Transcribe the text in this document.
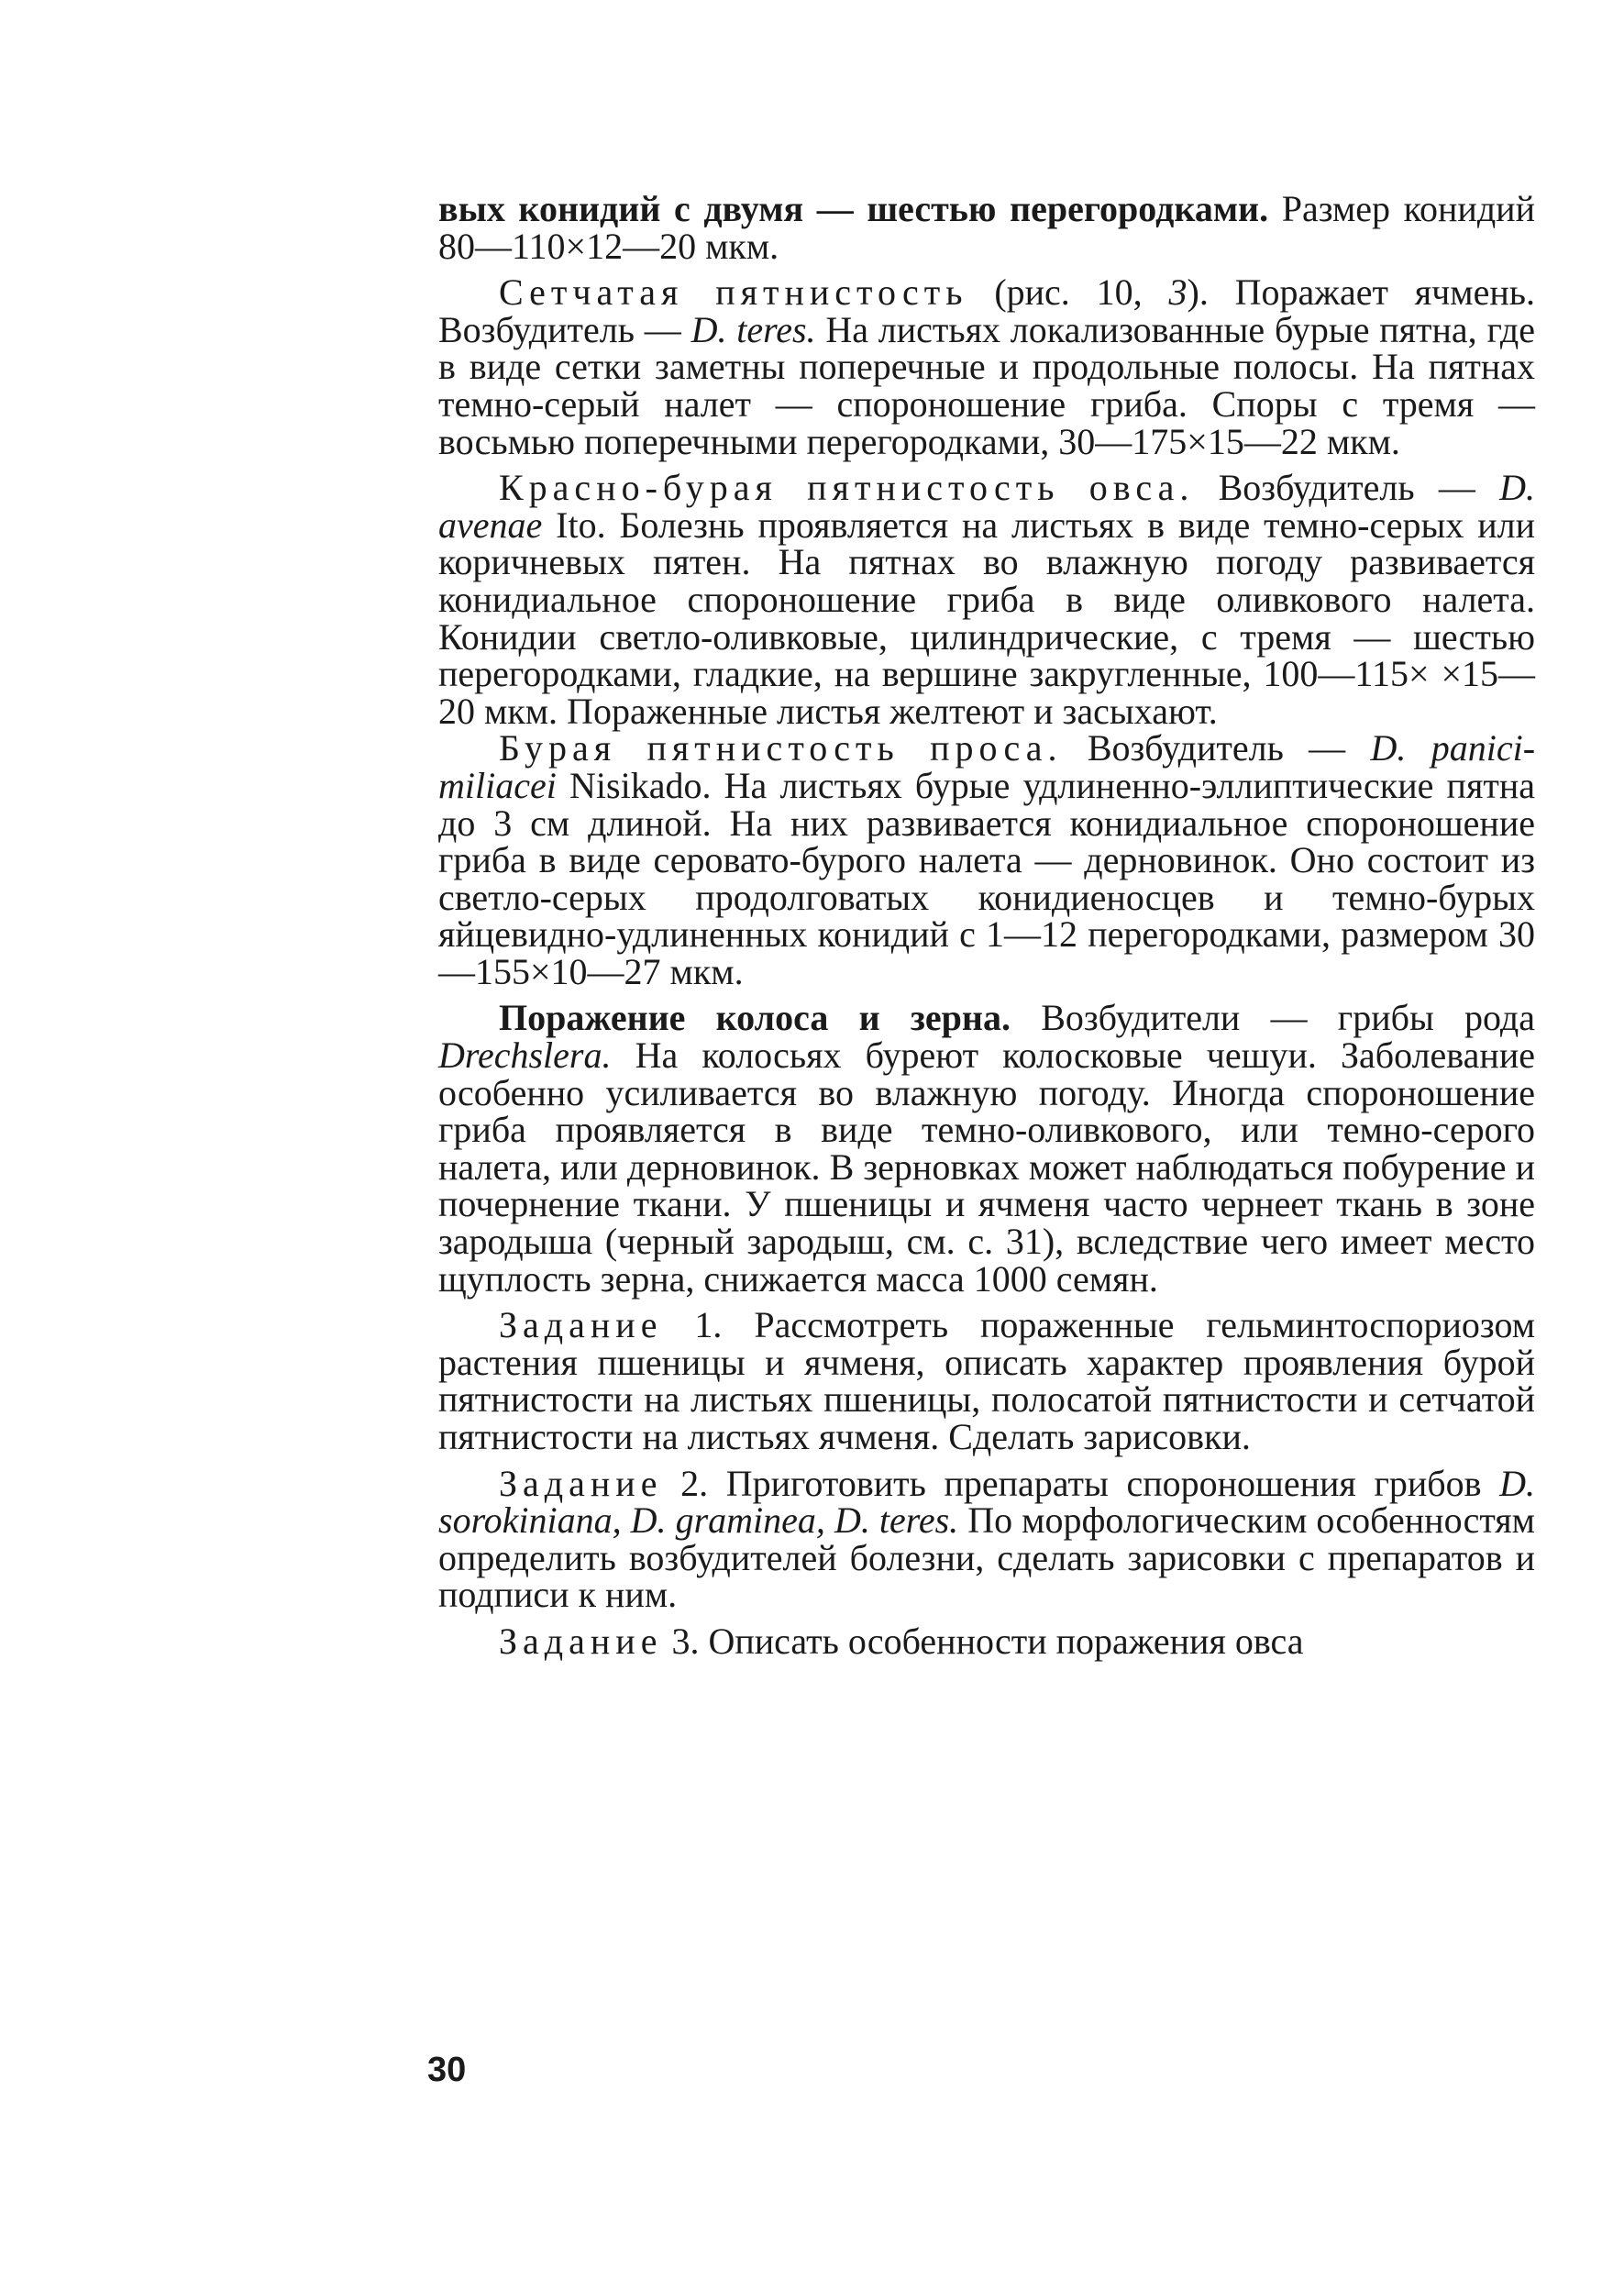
вых конидий с двумя — шестью перегородками. Размер конидий 80—110×12—20 мкм.

Сетчатая пятнистость (рис. 10, 3). Поражает ячмень. Возбудитель — D. teres. На листьях локализованные бурые пятна, где в виде сетки заметны поперечные и продольные полосы. На пятнах темно-серый налет — спороношение гриба. Споры с тремя — восьмью поперечными перегородками, 30—175×15—22 мкм.

Красно-бурая пятнистость овса. Возбудитель — D. avenae Ito. Болезнь проявляется на листьях в виде темно-серых или коричневых пятен. На пятнах во влажную погоду развивается конидиальное спороношение гриба в виде оливкового налета. Конидии светло-оливковые, цилиндрические, с тремя — шестью перегородками, гладкие, на вершине закругленные, 100—115× ×15—20 мкм. Пораженные листья желтеют и засыхают.

Бурая пятнистость проса. Возбудитель — D. panici-miliacei Nisikado. На листьях бурые удлиненно-эллиптические пятна до 3 см длиной. На них развивается конидиальное спороношение гриба в виде серовато-бурого налета — дерновинок. Оно состоит из светло-серых продолговатых конидиеносцев и темно-бурых яйцевидно-удлиненных конидий с 1—12 перегородками, размером 30—155×10—27 мкм.

Поражение колоса и зерна. Возбудители — грибы рода Drechslera. На колосьях буреют колосковые чешуи. Заболевание особенно усиливается во влажную погоду. Иногда спороношение гриба проявляется в виде темно-оливкового, или темно-серого налета, или дерновинок. В зерновках может наблюдаться побурение и почернение ткани. У пшеницы и ячменя часто чернеет ткань в зоне зародыша (черный зародыш, см. с. 31), вследствие чего имеет место щуплость зерна, снижается масса 1000 семян.

Задание 1. Рассмотреть пораженные гельминтоспориозом растения пшеницы и ячменя, описать характер проявления бурой пятнистости на листьях пшеницы, полосатой пятнистости и сетчатой пятнистости на листьях ячменя. Сделать зарисовки.

Задание 2. Приготовить препараты спороношения грибов D. sorokiniana, D. graminea, D. teres. По морфологическим особенностям определить возбудителей болезни, сделать зарисовки с препаратов и подписи к ним.

Задание 3. Описать особенности поражения овса

30
